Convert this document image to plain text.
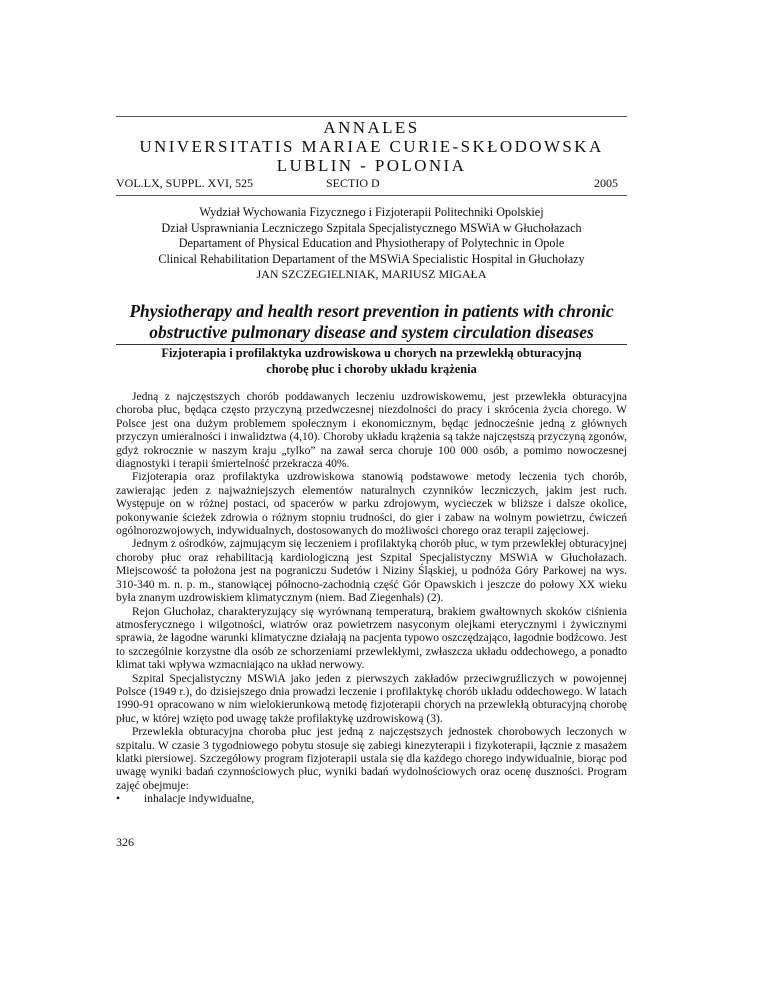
ANNALES
UNIVERSITATIS MARIAE CURIE-SKŁODOWSKA
LUBLIN - POLONIA
VOL.LX, SUPPL. XVI, 525	SECTIO D	2005
Wydział Wychowania Fizycznego i Fizjoterapii Politechniki Opolskiej
Dział Usprawniania Leczniczego Szpitala Specjalistycznego MSWiA w Głuchołazach
Departament of Physical Education and Physiotherapy of Polytechnic in Opole
Clinical Rehabilitation Departament of the MSWiA Specialistic Hospital in Głuchołazy
JAN SZCZEGIELNIAK, MARIUSZ MIGAŁA
Physiotherapy and health resort prevention in patients with chronic
obstructive pulmonary disease and system circulation diseases
Fizjoterapia i profilaktyka uzdrowiskowa u chorych na przewlekłą obturacyjną
chorobę płuc i choroby układu krążenia

Jedną z najczęstszych chorób poddawanych leczeniu uzdrowiskowemu, jest przewlekła obturacyjna choroba płuc, będąca często przyczyną przedwczesnej niezdolności do pracy i skrócenia życia chorego. W Polsce jest ona dużym problemem społecznym i ekonomicznym, będąc jednocześnie jedną z głównych przyczyn umieralności i inwalidztwa (4,10). Choroby układu krążenia są także najczęstszą przyczyną zgonów, gdyż rokrocznie w naszym kraju „tylko” na zawał serca choruje 100 000 osób, a pomimo nowoczesnej diagnostyki i terapii śmiertelność przekracza 40%.

Fizjoterapia oraz profilaktyka uzdrowiskowa stanowią podstawowe metody leczenia tych chorób, zawierając jeden z najważniejszych elementów naturalnych czynników leczniczych, jakim jest ruch. Występuje on w różnej postaci, od spacerów w parku zdrojowym, wycieczek w bliższe i dalsze okolice, pokonywanie ścieżek zdrowia o różnym stopniu trudności, do gier i zabaw na wolnym powietrzu, ćwiczeń ogólnorozwojowych, indywidualnych, dostosowanych do możliwości chorego oraz terapii zajęciowej.

Jednym z ośrodków, zajmującym się leczeniem i profilaktyką chorób płuc, w tym przewlekłej obturacyjnej choroby płuc oraz rehabilitacją kardiologiczną jest Szpital Specjalistyczny MSWiA w Głuchołazach. Miejscowość ta położona jest na pograniczu Sudetów i Niziny Śląskiej, u podnóża Góry Parkowej na wys. 310-340 m. n. p. m., stanowiącej północno-zachodnią część Gór Opawskich i jeszcze do połowy XX wieku była znanym uzdrowiskiem klimatycznym (niem. Bad Ziegenhals) (2).

Rejon Głuchołaz, charakteryzujący się wyrównaną temperaturą, brakiem gwałtownych skoków ciśnienia atmosferycznego i wilgotności, wiatrów oraz powietrzem nasyconym olejkami eterycznymi i żywicznymi sprawia, że łagodne warunki klimatyczne działają na pacjenta typowo oszczędzająco, łagodnie bodźcowo. Jest to szczególnie korzystne dla osób ze schorzeniami przewlekłymi, zwłaszcza układu oddechowego, a ponadto klimat taki wpływa wzmacniająco na układ nerwowy.

Szpital Specjalistyczny MSWiA jako jeden z pierwszych zakładów przeciwgruźliczych w powojennej Polsce (1949 r.), do dzisiejszego dnia prowadzi leczenie i profilaktykę chorób układu oddechowego. W latach 1990-91 opracowano w nim wielokierunkową metodę fizjoterapii chorych na przewlekłą obturacyjną chorobę płuc, w której wzięto pod uwagę także profilaktykę uzdrowiskową (3).

Przewlekła obturacyjna choroba płuc jest jedną z najczęstszych jednostek chorobowych leczonych w szpitalu. W czasie 3 tygodniowego pobytu stosuje się zabiegi kinezyterapii i fizykoterapii, łącznie z masażem klatki piersiowej. Szczegółowy program fizjoterapii ustala się dla każdego chorego indywidualnie, biorąc pod uwagę wyniki badań czynnościowych płuc, wyniki badań wydolnościowych oraz ocenę duszności. Program zajęć obejmuje:

•	inhalacje indywidualne,
326
